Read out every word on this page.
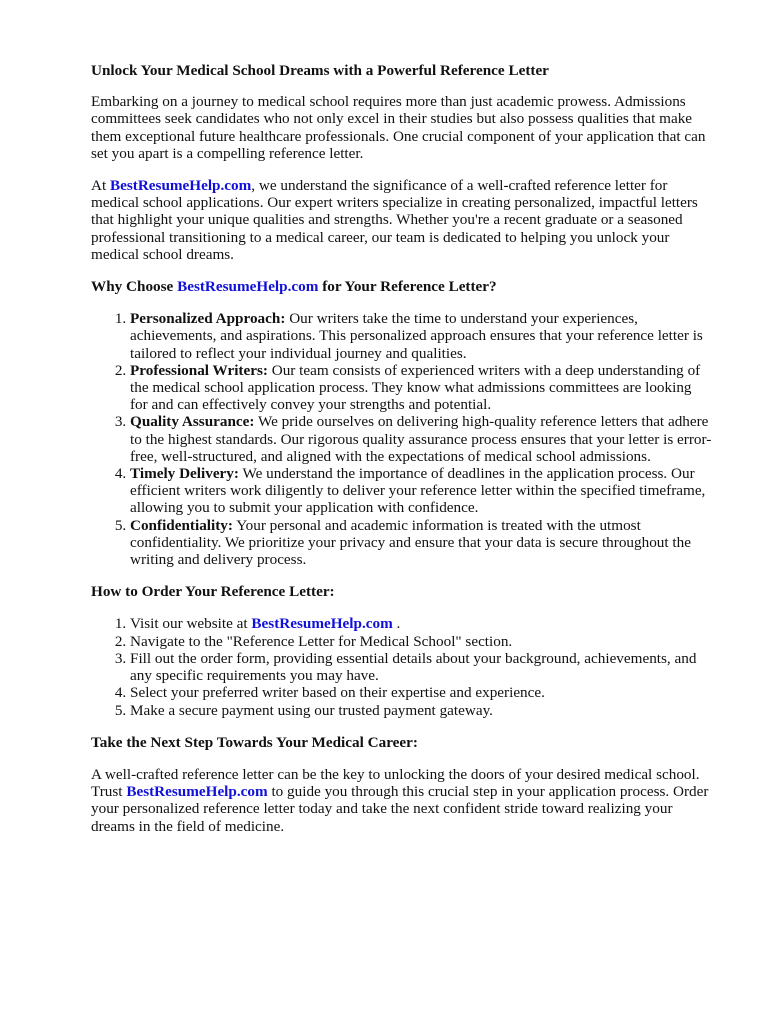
Unlock Your Medical School Dreams with a Powerful Reference Letter

Embarking on a journey to medical school requires more than just academic prowess. Admissions committees seek candidates who not only excel in their studies but also possess qualities that make them exceptional future healthcare professionals. One crucial component of your application that can set you apart is a compelling reference letter.

At BestResumeHelp.com, we understand the significance of a well-crafted reference letter for medical school applications. Our expert writers specialize in creating personalized, impactful letters that highlight your unique qualities and strengths. Whether you're a recent graduate or a seasoned professional transitioning to a medical career, our team is dedicated to helping you unlock your medical school dreams.

Why Choose BestResumeHelp.com for Your Reference Letter?
1. Personalized Approach: Our writers take the time to understand your experiences, achievements, and aspirations. This personalized approach ensures that your reference letter is tailored to reflect your individual journey and qualities.
2. Professional Writers: Our team consists of experienced writers with a deep understanding of the medical school application process. They know what admissions committees are looking for and can effectively convey your strengths and potential.
3. Quality Assurance: We pride ourselves on delivering high-quality reference letters that adhere to the highest standards. Our rigorous quality assurance process ensures that your letter is error-free, well-structured, and aligned with the expectations of medical school admissions.
4. Timely Delivery: We understand the importance of deadlines in the application process. Our efficient writers work diligently to deliver your reference letter within the specified timeframe, allowing you to submit your application with confidence.
5. Confidentiality: Your personal and academic information is treated with the utmost confidentiality. We prioritize your privacy and ensure that your data is secure throughout the writing and delivery process.
How to Order Your Reference Letter:
1. Visit our website at BestResumeHelp.com .
2. Navigate to the "Reference Letter for Medical School" section.
3. Fill out the order form, providing essential details about your background, achievements, and any specific requirements you may have.
4. Select your preferred writer based on their expertise and experience.
5. Make a secure payment using our trusted payment gateway.
Take the Next Step Towards Your Medical Career:

A well-crafted reference letter can be the key to unlocking the doors of your desired medical school. Trust BestResumeHelp.com to guide you through this crucial step in your application process. Order your personalized reference letter today and take the next confident stride toward realizing your dreams in the field of medicine.
